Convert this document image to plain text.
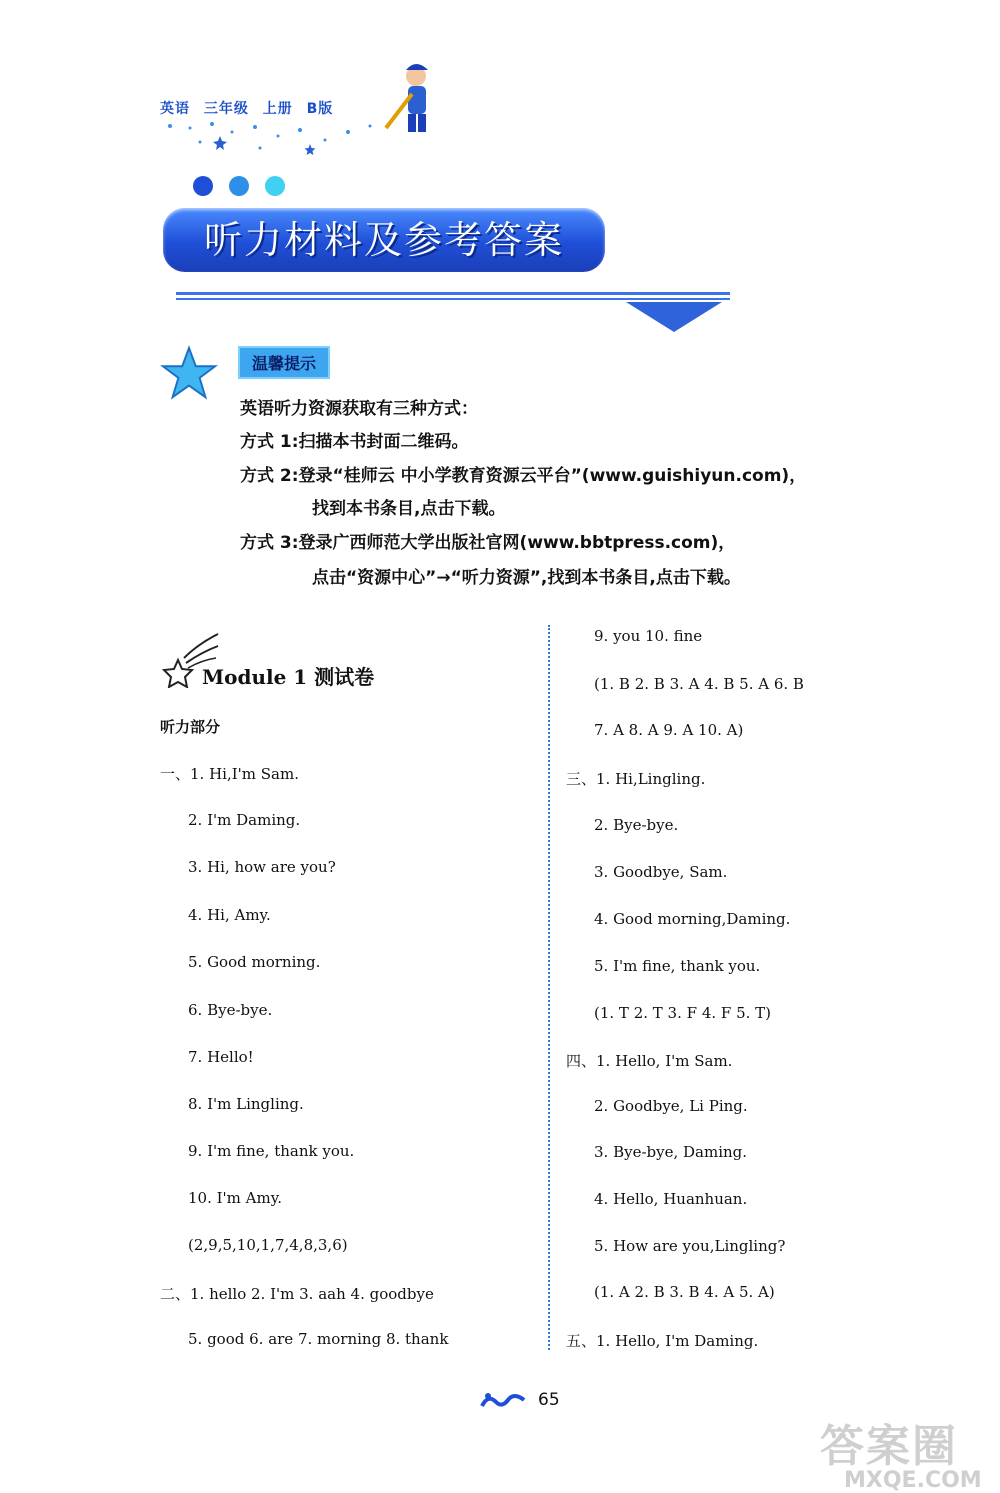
英语 三年级 上册 B版

听力材料及参考答案
温馨提示
英语听力资源获取有三种方式：
方式 1:扫描本书封面二维码。
方式 2:登录“桂师云 中小学教育资源云平台”(www.guishiyun.com)，
找到本书条目,点击下载。
方式 3:登录广西师范大学出版社官网(www.bbtpress.com)，
点击“资源中心”→“听力资源”,找到本书条目,点击下载。
Module 1 测试卷
听力部分
一、1. Hi,I'm Sam.
2. I'm Daming.
3. Hi, how are you?
4. Hi, Amy.
5. Good morning.
6. Bye-bye.
7. Hello!
8. I'm Lingling.
9. I'm fine, thank you.
10. I'm Amy.
(2,9,5,10,1,7,4,8,3,6)
二、1. hello 2. I'm 3. aah 4. goodbye
5. good 6. are 7. morning 8. thank
9. you 10. fine
(1. B 2. B 3. A 4. B 5. A 6. B
7. A 8. A 9. A 10. A)
三、1. Hi,Lingling.
2. Bye-bye.
3. Goodbye, Sam.
4. Good morning,Daming.
5. I'm fine, thank you.
(1. T 2. T 3. F 4. F 5. T)
四、1. Hello, I'm Sam.
2. Goodbye, Li Ping.
3. Bye-bye, Daming.
4. Hello, Huanhuan.
5. How are you,Lingling?
(1. A 2. B 3. B 4. A 5. A)
五、1. Hello, I'm Daming.
65
答案圈
MXQE.COM
